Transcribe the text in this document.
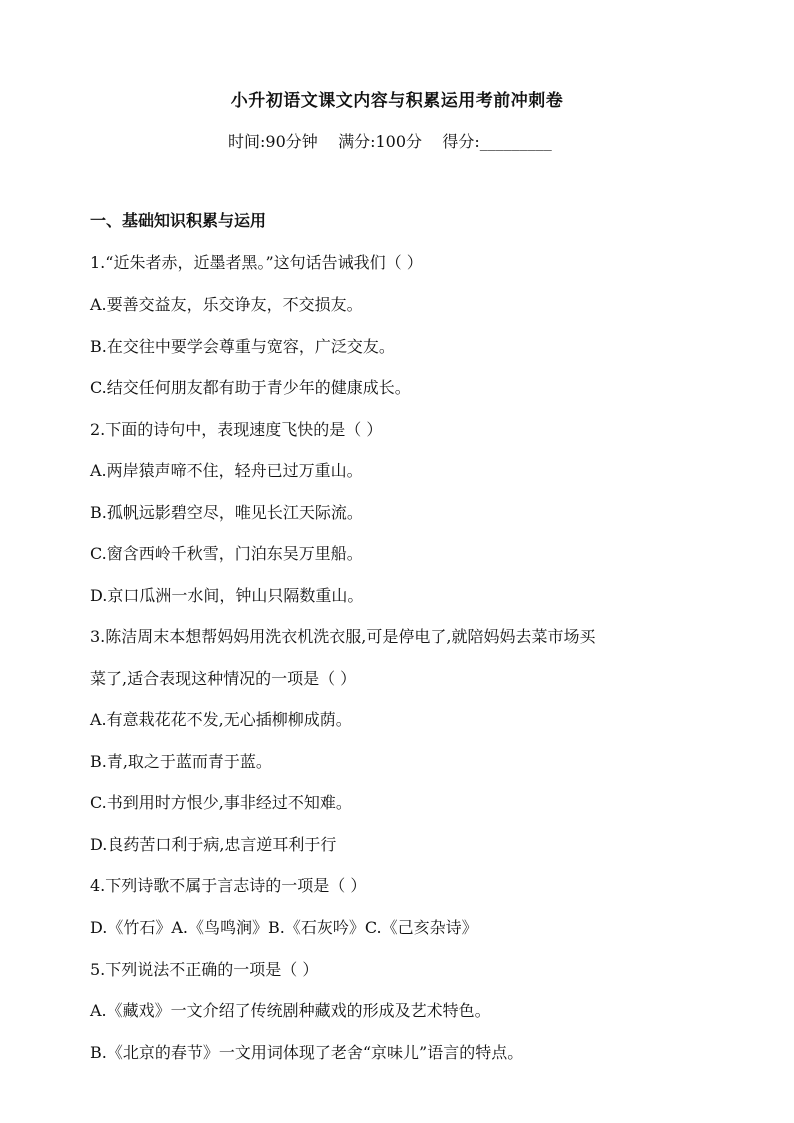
小升初语文课文内容与积累运用考前冲刺卷
时间:90分钟    满分:100分    得分:_________
一、基础知识积累与运用
1.“近朱者赤，近墨者黑。”这句话告诫我们（ ）
A.要善交益友，乐交诤友，不交损友。
B.在交往中要学会尊重与宽容，广泛交友。
C.结交任何朋友都有助于青少年的健康成长。
2.下面的诗句中，表现速度飞快的是（ ）
A.两岸猿声啼不住，轻舟已过万重山。
B.孤帆远影碧空尽，唯见长江天际流。
C.窗含西岭千秋雪，门泊东吴万里船。
D.京口瓜洲一水间，钟山只隔数重山。
3.陈洁周末本想帮妈妈用洗衣机洗衣服,可是停电了,就陪妈妈去菜市场买
菜了,适合表现这种情况的一项是（ ）
A.有意栽花花不发,无心插柳柳成荫。
B.青,取之于蓝而青于蓝。
C.书到用时方恨少,事非经过不知难。
D.良药苦口利于病,忠言逆耳利于行
4.下列诗歌不属于言志诗的一项是（ ）
D.《竹石》A.《鸟鸣涧》B.《石灰吟》C.《己亥杂诗》
5.下列说法不正确的一项是（ ）
A.《藏戏》一文介绍了传统剧种藏戏的形成及艺术特色。
B.《北京的春节》一文用词体现了老舍“京味儿”语言的特点。
